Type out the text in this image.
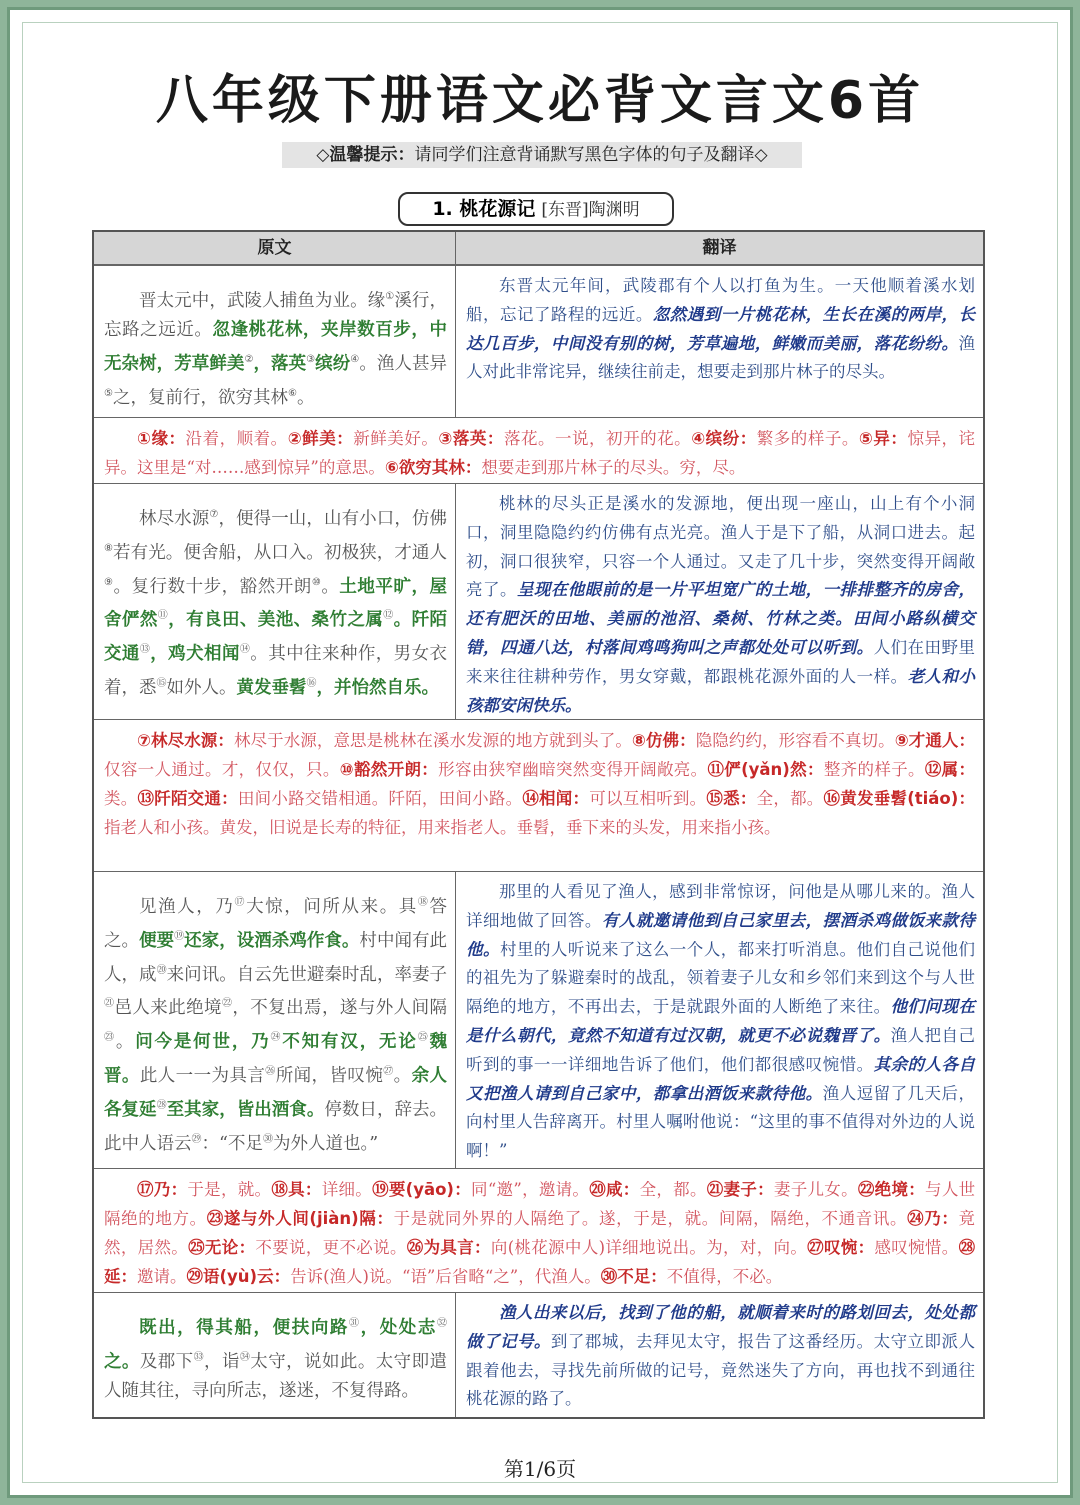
八年级下册语文必背文言文6首
◇温馨提示：请同学们注意背诵默写黑色字体的句子及翻译◇
1. 桃花源记 [东晋]陶渊明
原文	翻译
晋太元中，武陵人捕鱼为业。缘①溪行，忘路之远近。忽逢桃花林，夹岸数百步，中无杂树，芳草鲜美②，落英③缤纷④。渔人甚异⑤之，复前行，欲穷其林⑥。
东晋太元年间，武陵郡有个人以打鱼为生。一天他顺着溪水划船，忘记了路程的远近。忽然遇到一片桃花林，生长在溪的两岸，长达几百步，中间没有别的树，芳草遍地，鲜嫩而美丽，落花纷纷。渔人对此非常诧异，继续往前走，想要走到那片林子的尽头。
①缘：沿着，顺着。②鲜美：新鲜美好。③落英：落花。一说，初开的花。④缤纷：繁多的样子。⑤异：惊异，诧异。这里是“对……感到惊异”的意思。⑥欲穷其林：想要走到那片林子的尽头。穷，尽。
林尽水源⑦，便得一山，山有小口，仿佛⑧若有光。便舍船，从口入。初极狭，才通人⑨。复行数十步，豁然开朗⑩。土地平旷，屋舍俨然⑪，有良田、美池、桑竹之属⑫。阡陌交通⑬，鸡犬相闻⑭。其中往来种作，男女衣着，悉⑮如外人。黄发垂髫⑯，并怡然自乐。
桃林的尽头正是溪水的发源地，便出现一座山，山上有个小洞口，洞里隐隐约约仿佛有点光亮。渔人于是下了船，从洞口进去。起初，洞口很狭窄，只容一个人通过。又走了几十步，突然变得开阔敞亮了。呈现在他眼前的是一片平坦宽广的土地，一排排整齐的房舍，还有肥沃的田地、美丽的池沼、桑树、竹林之类。田间小路纵横交错，四通八达，村落间鸡鸣狗叫之声都处处可以听到。人们在田野里来来往往耕种劳作，男女穿戴，都跟桃花源外面的人一样。老人和小孩都安闲快乐。
⑦林尽水源：林尽于水源，意思是桃林在溪水发源的地方就到头了。⑧仿佛：隐隐约约，形容看不真切。⑨才通人：仅容一人通过。才，仅仅，只。⑩豁然开朗：形容由狭窄幽暗突然变得开阔敞亮。⑪俨(yǎn)然：整齐的样子。⑫属：类。⑬阡陌交通：田间小路交错相通。阡陌，田间小路。⑭相闻：可以互相听到。⑮悉：全，都。⑯黄发垂髫(tiáo)：指老人和小孩。黄发，旧说是长寿的特征，用来指老人。垂髫，垂下来的头发，用来指小孩。
见渔人，乃⑰大惊，问所从来。具⑱答之。便要⑲还家，设酒杀鸡作食。村中闻有此人，咸⑳来问讯。自云先世避秦时乱，率妻子$^㉑$邑人来此绝境$^㉒$，不复出焉，遂与外人间隔$^㉓$。问今是何世，乃$^㉔$不知有汉，无论$^㉕$魏晋。此人一一为具言$^㉖$所闻，皆叹惋$^㉗$。余人各复延$^㉘$至其家，皆出酒食。停数日，辞去。此中人语云$^㉙$：“不足$^㉚$为外人道也。”
那里的人看见了渔人，感到非常惊讶，问他是从哪儿来的。渔人详细地做了回答。有人就邀请他到自己家里去，摆酒杀鸡做饭来款待他。村里的人听说来了这么一个人，都来打听消息。他们自己说他们的祖先为了躲避秦时的战乱，领着妻子儿女和乡邻们来到这个与人世隔绝的地方，不再出去，于是就跟外面的人断绝了来往。他们问现在是什么朝代，竟然不知道有过汉朝，就更不必说魏晋了。渔人把自己听到的事一一详细地告诉了他们，他们都很感叹惋惜。其余的人各自又把渔人请到自己家中，都拿出酒饭来款待他。渔人逗留了几天后，向村里人告辞离开。村里人嘱咐他说：“这里的事不值得对外边的人说啊！”
⑰乃：于是，就。⑱具：详细。⑲要(yāo)：同“邀”，邀请。⑳咸：全，都。㉑妻子：妻子儿女。㉒绝境：与人世隔绝的地方。㉓遂与外人间(jiàn)隔：于是就同外界的人隔绝了。遂，于是，就。间隔，隔绝，不通音讯。㉔乃：竟然，居然。㉕无论：不要说，更不必说。㉖为具言：向(桃花源中人)详细地说出。为，对，向。㉗叹惋：感叹惋惜。㉘延：邀请。㉙语(yù)云：告诉(渔人)说。“语”后省略“之”，代渔人。㉚不足：不值得，不必。
既出，得其船，便扶向路$^㉛$，处处志$^㉜$之。及郡下$^㉝$，诣$^㉞$太守，说如此。太守即遣人随其往，寻向所志，遂迷，不复得路。
渔人出来以后，找到了他的船，就顺着来时的路划回去，处处都做了记号。到了郡城，去拜见太守，报告了这番经历。太守立即派人跟着他去，寻找先前所做的记号，竟然迷失了方向，再也找不到通往桃花源的路了。
第1/6页
